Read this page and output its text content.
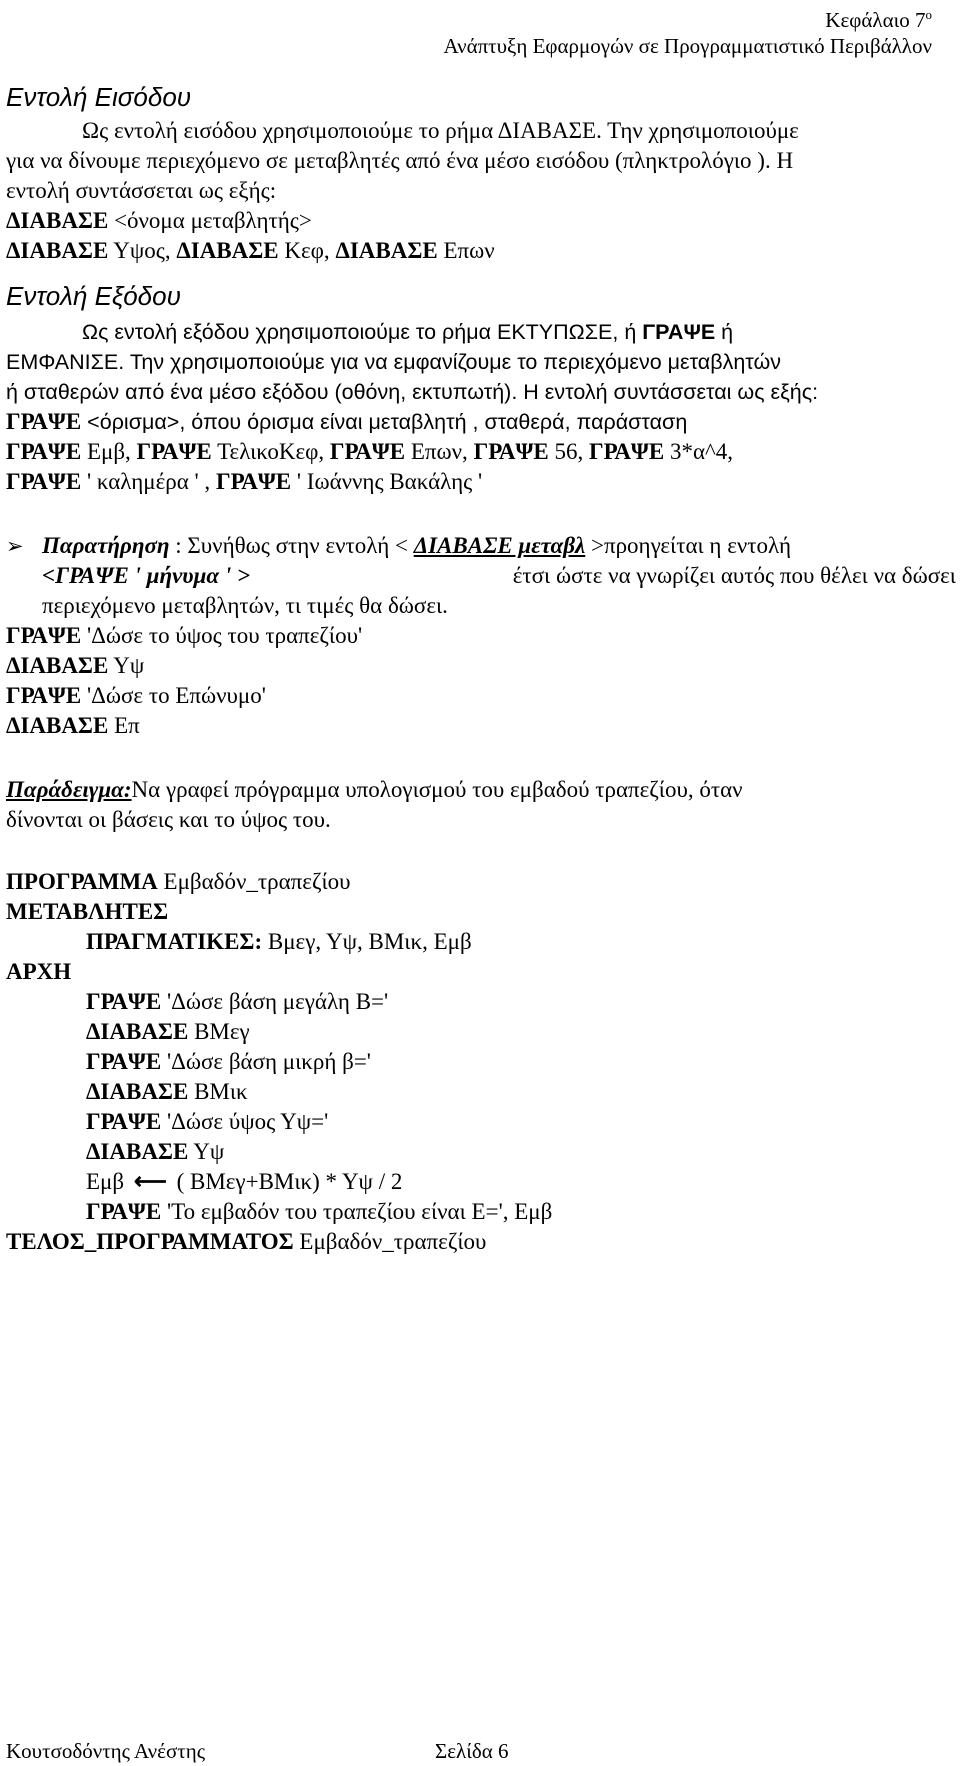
Κεφάλαιο $7^o$
Ανάπτυξη Εφαρμογών σε Προγραμματιστικό Περιβάλλον
Εντολή Εισόδου
Ως εντολή εισόδου χρησιμοποιούμε το ρήμα ΔΙΑΒΑΣΕ. Την χρησιμοποιούμε
για να δίνουμε περιεχόμενο σε μεταβλητές από ένα μέσο εισόδου (πληκτρολόγιο ). Η
εντολή συντάσσεται ως εξής:
ΔΙΑΒΑΣΕ <όνομα μεταβλητής>
ΔΙΑΒΑΣΕ Υψος, ΔΙΑΒΑΣΕ Κεφ, ΔΙΑΒΑΣΕ Επων
Εντολή Εξόδου
Ως εντολή εξόδου χρησιμοποιούμε το ρήμα ΕΚΤΥΠΩΣΕ, ή ΓΡΑΨΕ ή
ΕΜΦΑΝΙΣΕ. Την χρησιμοποιούμε για να εμφανίζουμε το περιεχόμενο μεταβλητών
ή σταθερών από ένα μέσο εξόδου (οθόνη, εκτυπωτή). Η εντολή συντάσσεται ως εξής:
ΓΡΑΨΕ <όρισμα>, όπου όρισμα είναι μεταβλητή , σταθερά, παράσταση
ΓΡΑΨΕ Εμβ, ΓΡΑΨΕ ΤελικοΚεφ, ΓΡΑΨΕ Επων, ΓΡΑΨΕ 56, ΓΡΑΨΕ 3*α^4,
ΓΡΑΨΕ ' καλημέρα ' , ΓΡΑΨΕ ' Ιωάννης Βακάλης '
➢ Παρατήρηση : Συνήθως στην εντολή < ΔΙΑΒΑΣΕ μεταβλ >προηγείται η εντολή
<ΓΡΑΨΕ ' μήνυμα ' >	έτσι ώστε να γνωρίζει αυτός που θέλει να δώσει
περιεχόμενο μεταβλητών, τι τιμές θα δώσει.
ΓΡΑΨΕ 'Δώσε το ύψος του τραπεζίου'
ΔΙΑΒΑΣΕ Υψ
ΓΡΑΨΕ 'Δώσε το Επώνυμο'
ΔΙΑΒΑΣΕ Επ
Παράδειγμα:Να γραφεί πρόγραμμα υπολογισμού του εμβαδού τραπεζίου, όταν
δίνονται οι βάσεις και το ύψος του.
ΠΡΟΓΡΑΜΜΑ Εμβαδόν_τραπεζίου
ΜΕΤΑΒΛΗΤΕΣ
ΠΡΑΓΜΑΤΙΚΕΣ: Βμεγ, Υψ, ΒΜικ, Εμβ
ΑΡΧΗ
ΓΡΑΨΕ 'Δώσε βάση μεγάλη Β='
ΔΙΑΒΑΣΕ ΒΜεγ
ΓΡΑΨΕ 'Δώσε βάση μικρή β='
ΔΙΑΒΑΣΕ ΒΜικ
ΓΡΑΨΕ 'Δώσε ύψος Υψ='
ΔΙΑΒΑΣΕ Υψ
Εμβ ⟵ ( ΒΜεγ+ΒΜικ) * Υψ / 2
ΓΡΑΨΕ 'Το εμβαδόν του τραπεζίου είναι Ε=', Εμβ
ΤΕΛΟΣ_ΠΡΟΓΡΑΜΜΑΤΟΣ Εμβαδόν_τραπεζίου
Κουτσοδόντης Ανέστης	Σελίδα 6
